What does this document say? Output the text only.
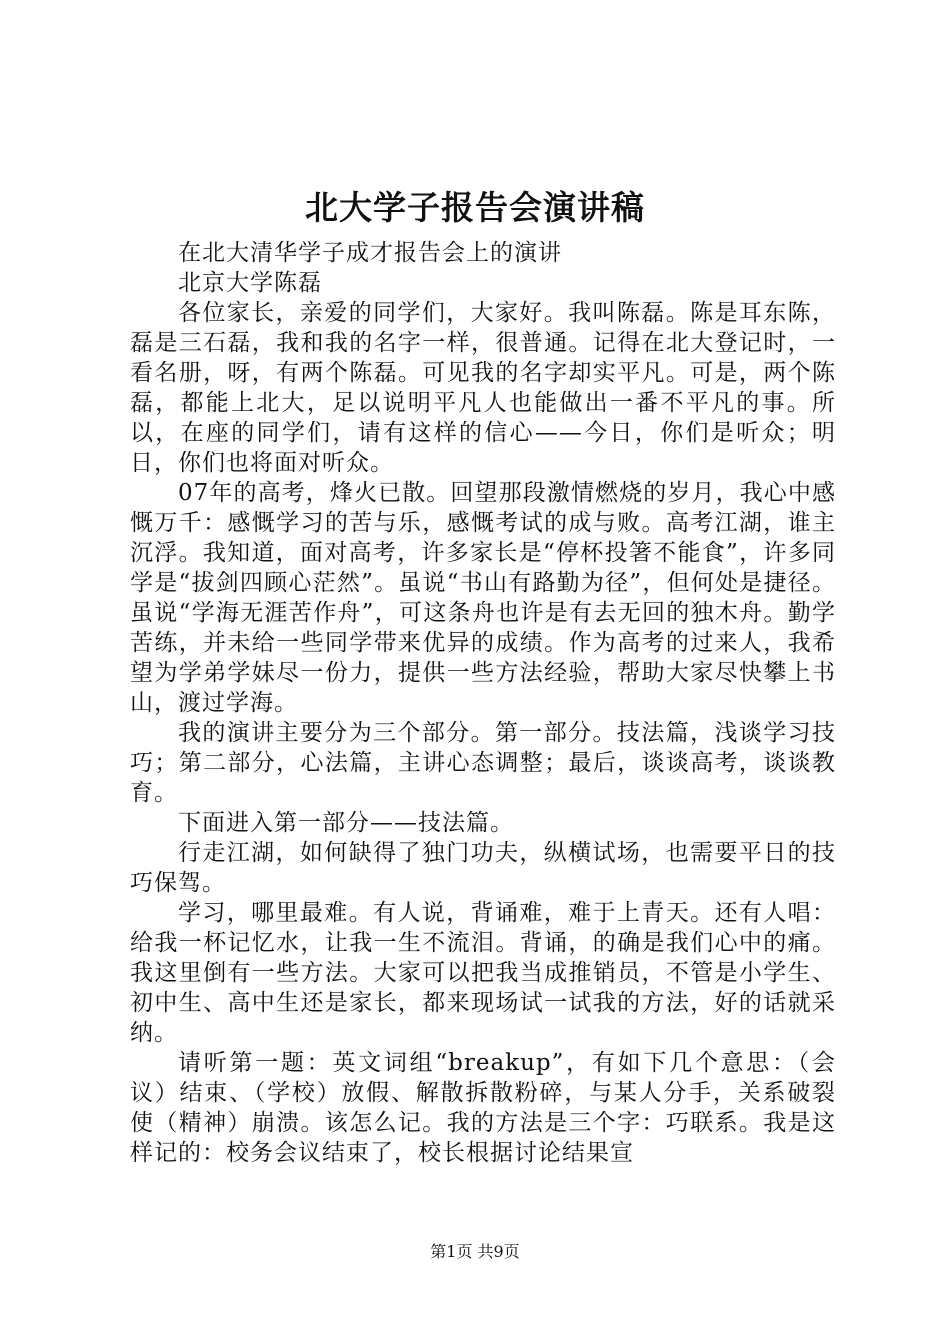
北大学子报告会演讲稿

在北大清华学子成才报告会上的演讲

北京大学陈磊

各位家长，亲爱的同学们，大家好。我叫陈磊。陈是耳东陈，磊是三石磊，我和我的名字一样，很普通。记得在北大登记时，一看名册，呀，有两个陈磊。可见我的名字却实平凡。可是，两个陈磊，都能上北大，足以说明平凡人也能做出一番不平凡的事。所以，在座的同学们，请有这样的信心——今日，你们是听众；明日，你们也将面对听众。

07年的高考，烽火已散。回望那段激情燃烧的岁月，我心中感慨万千：感慨学习的苦与乐，感慨考试的成与败。高考江湖，谁主沉浮。我知道，面对高考，许多家长是“停杯投箸不能食”，许多同学是“拔剑四顾心茫然”。虽说“书山有路勤为径”，但何处是捷径。虽说“学海无涯苦作舟”，可这条舟也许是有去无回的独木舟。勤学苦练，并未给一些同学带来优异的成绩。作为高考的过来人，我希望为学弟学妹尽一份力，提供一些方法经验，帮助大家尽快攀上书山，渡过学海。

我的演讲主要分为三个部分。第一部分。技法篇，浅谈学习技巧；第二部分，心法篇，主讲心态调整；最后，谈谈高考，谈谈教育。

下面进入第一部分——技法篇。

行走江湖，如何缺得了独门功夫，纵横试场，也需要平日的技巧保驾。

学习，哪里最难。有人说，背诵难，难于上青天。还有人唱：给我一杯记忆水，让我一生不流泪。背诵，的确是我们心中的痛。我这里倒有一些方法。大家可以把我当成推销员，不管是小学生、初中生、高中生还是家长，都来现场试一试我的方法，好的话就采纳。

请听第一题：英文词组“breakup”，有如下几个意思：（会议）结束、（学校）放假、解散拆散粉碎，与某人分手，关系破裂使（精神）崩溃。该怎么记。我的方法是三个字：巧联系。我是这样记的：校务会议结束了，校长根据讨论结果宣

第1页 共9页
